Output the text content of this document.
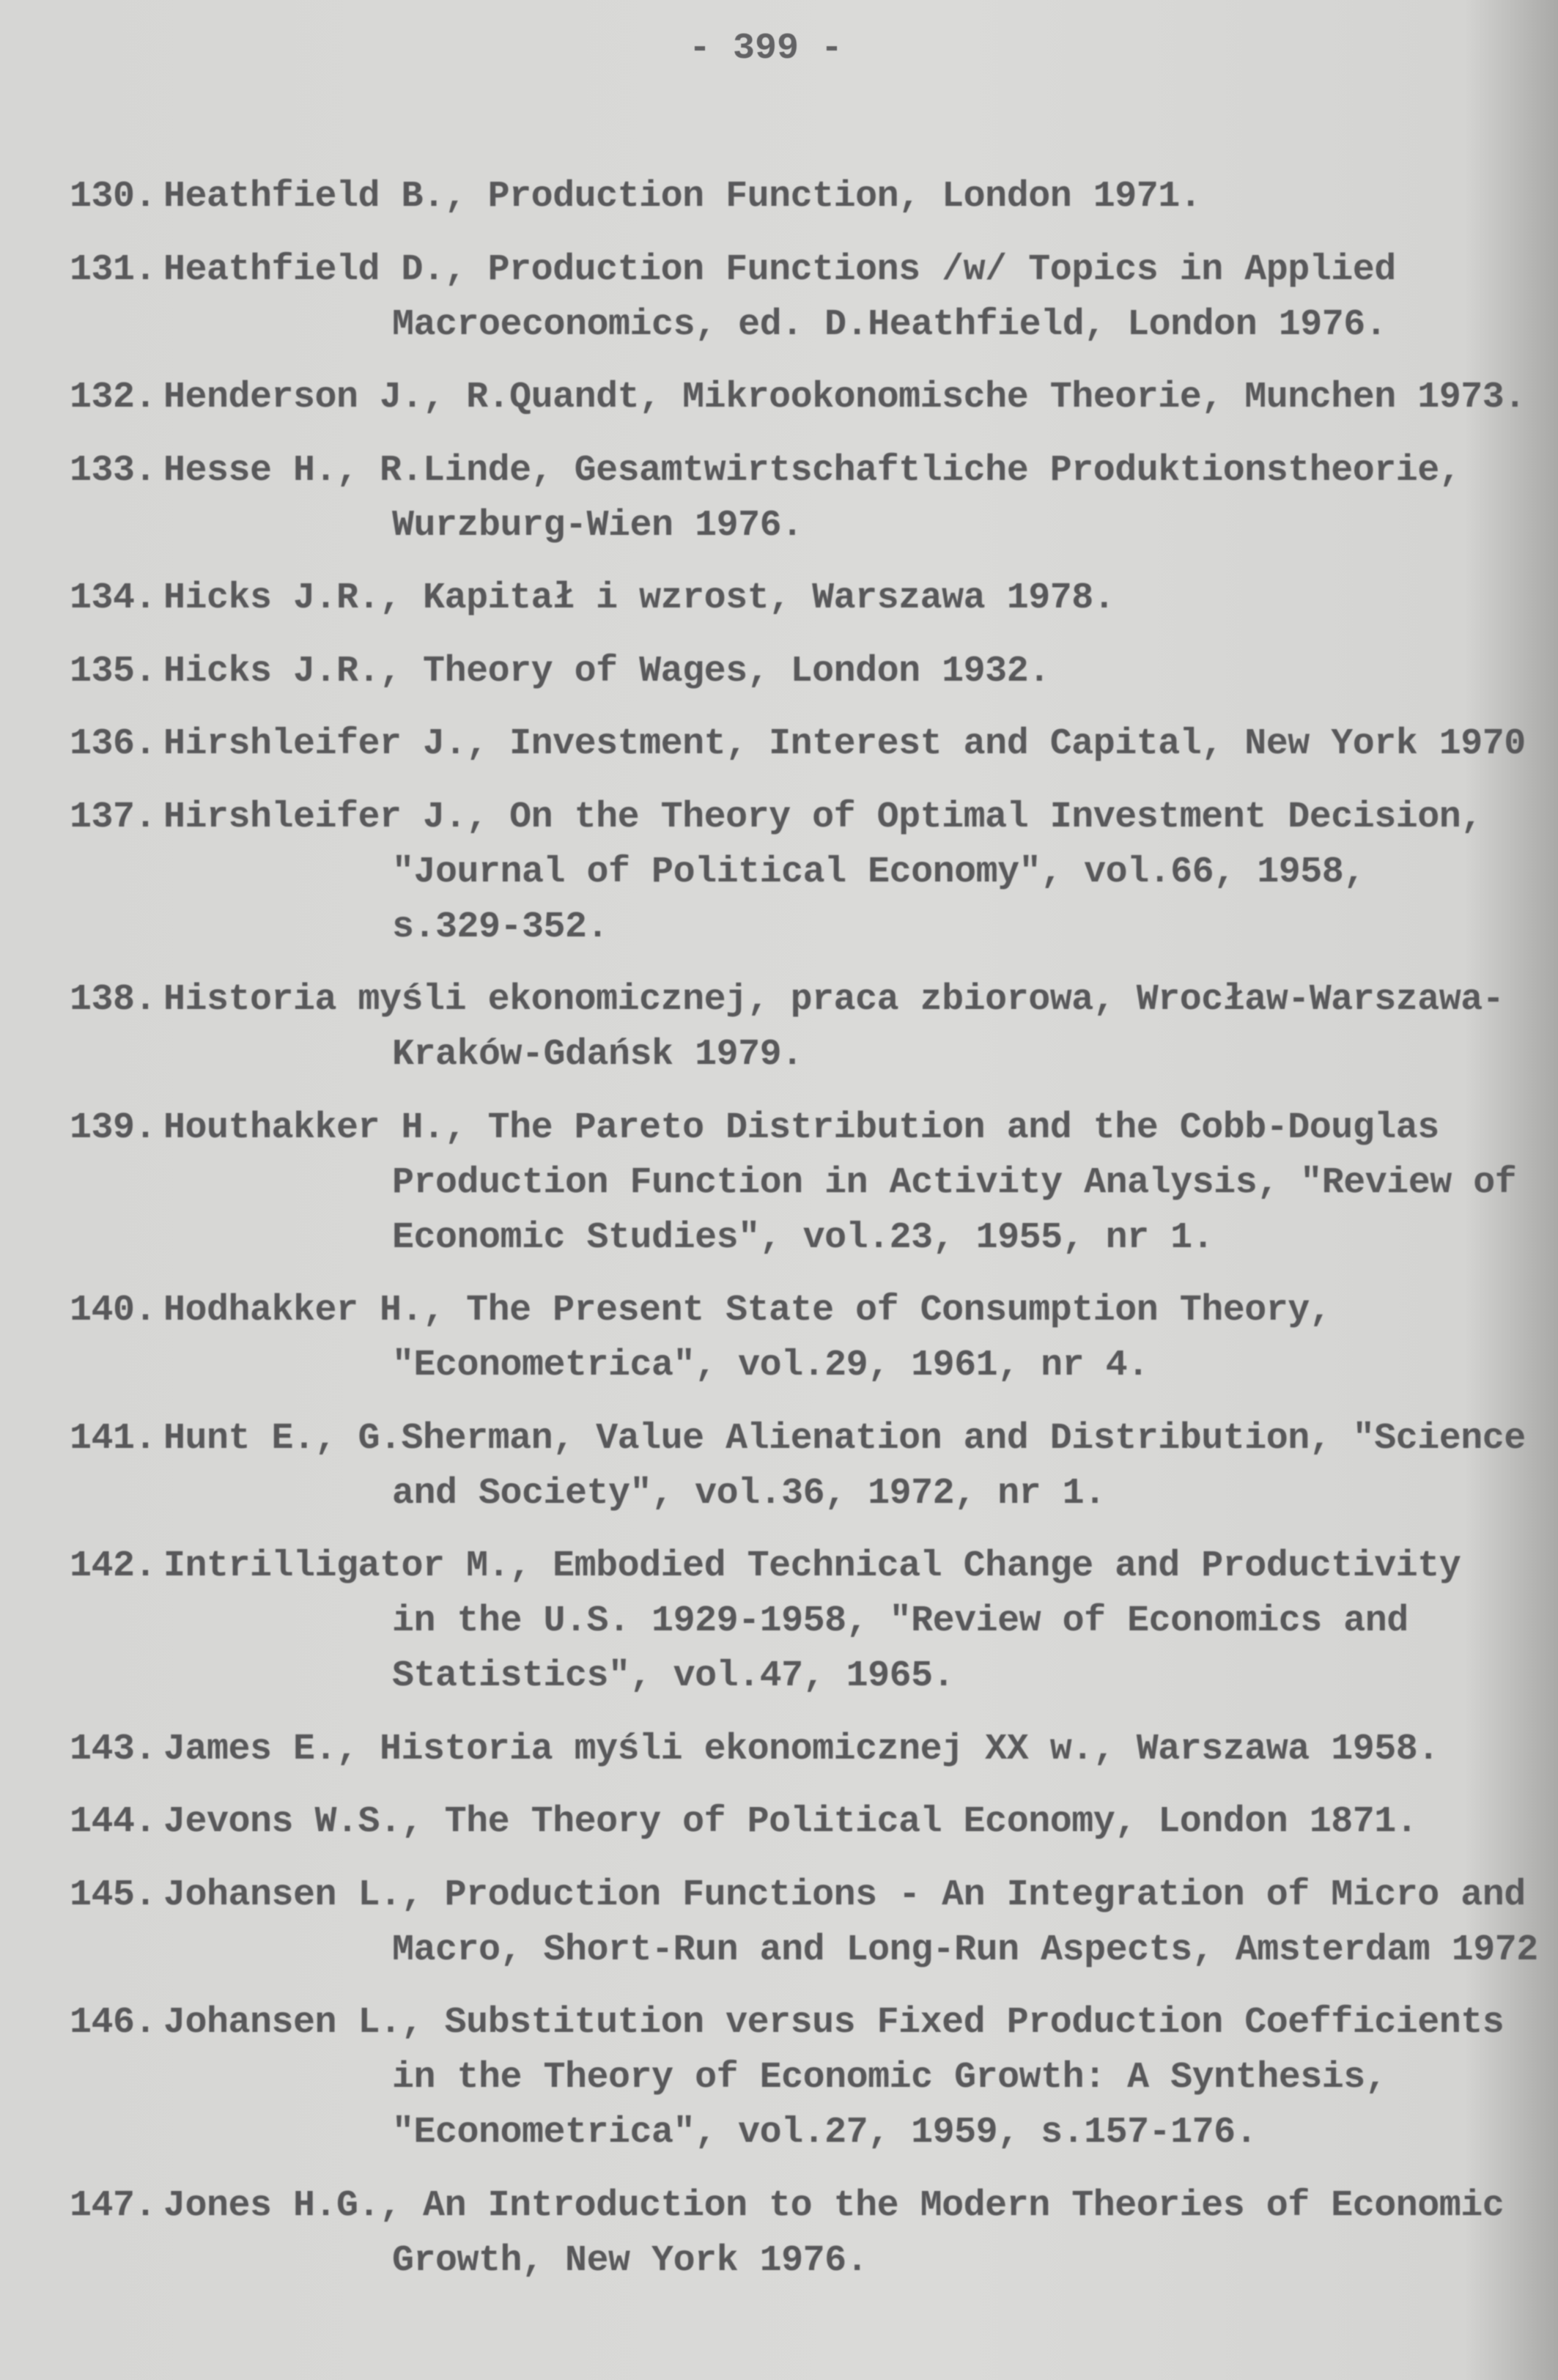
- 399 -
130. Heathfield B., Production Function, London 1971.
131. Heathfield D., Production Functions /w/ Topics in Applied
Macroeconomics, ed. D.Heathfield, London 1976.
132. Henderson J., R.Quandt, Mikrookonomische Theorie, Munchen 1973.
133. Hesse H., R.Linde, Gesamtwirtschaftliche Produktionstheorie,
Wurzburg-Wien 1976.
134. Hicks J.R., Kapitał i wzrost, Warszawa 1978.
135. Hicks J.R., Theory of Wages, London 1932.
136. Hirshleifer J., Investment, Interest and Capital, New York 1970
137. Hirshleifer J., On the Theory of Optimal Investment Decision,
"Journal of Political Economy", vol.66, 1958,
s.329-352.
138. Historia myśli ekonomicznej, praca zbiorowa, Wrocław-Warszawa-
Kraków-Gdańsk 1979.
139. Houthakker H., The Pareto Distribution and the Cobb-Douglas
Production Function in Activity Analysis, "Review of
Economic Studies", vol.23, 1955, nr 1.
140. Hodhakker H., The Present State of Consumption Theory,
"Econometrica", vol.29, 1961, nr 4.
141. Hunt E., G.Sherman, Value Alienation and Distribution, "Science
and Society", vol.36, 1972, nr 1.
142. Intrilligator M., Embodied Technical Change and Productivity
in the U.S. 1929-1958, "Review of Economics and
Statistics", vol.47, 1965.
143. James E., Historia myśli ekonomicznej XX w., Warszawa 1958.
144. Jevons W.S., The Theory of Political Economy, London 1871.
145. Johansen L., Production Functions - An Integration of Micro and
Macro, Short-Run and Long-Run Aspects, Amsterdam 1972
146. Johansen L., Substitution versus Fixed Production Coefficients
in the Theory of Economic Growth: A Synthesis,
"Econometrica", vol.27, 1959, s.157-176.
147. Jones H.G., An Introduction to the Modern Theories of Economic
Growth, New York 1976.
